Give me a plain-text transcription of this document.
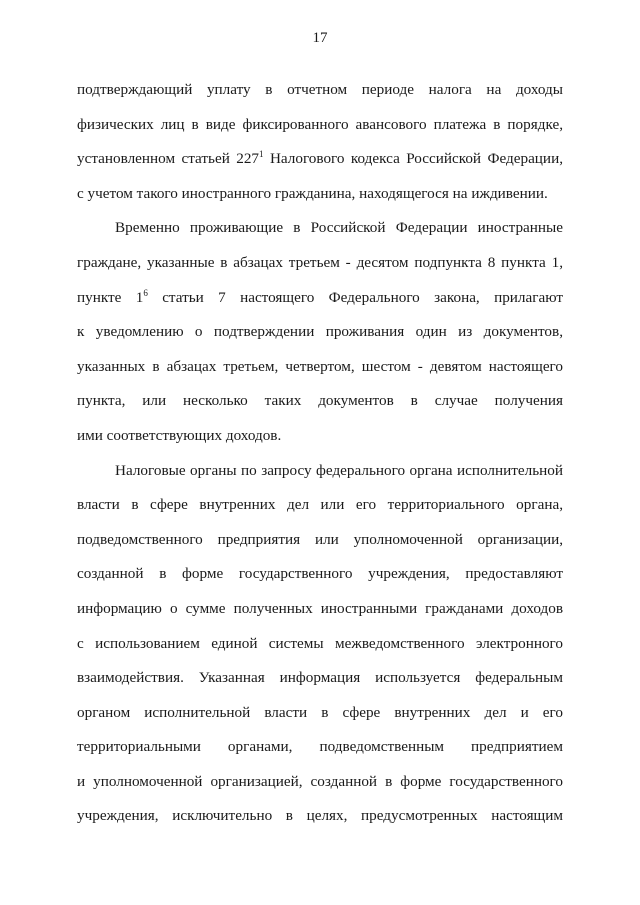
17
подтверждающий уплату в отчетном периоде налога на доходы
физических лиц в виде фиксированного авансового платежа в порядке,
установленном статьей $227^1$ Налогового кодекса Российской Федерации,
с учетом такого иностранного гражданина, находящегося на иждивении.
Временно проживающие в Российской Федерации иностранные
граждане, указанные в абзацах третьем - десятом подпункта 8 пункта 1,
пункте $1^6$ статьи 7 настоящего Федерального закона, прилагают
к уведомлению о подтверждении проживания один из документов,
указанных в абзацах третьем, четвертом, шестом - девятом настоящего
пункта, или несколько таких документов в случае получения
ими соответствующих доходов.
Налоговые органы по запросу федерального органа исполнительной
власти в сфере внутренних дел или его территориального органа,
подведомственного предприятия или уполномоченной организации,
созданной в форме государственного учреждения, предоставляют
информацию о сумме полученных иностранными гражданами доходов
с использованием единой системы межведомственного электронного
взаимодействия. Указанная информация используется федеральным
органом исполнительной власти в сфере внутренних дел и его
территориальными органами, подведомственным предприятием
и уполномоченной организацией, созданной в форме государственного
учреждения, исключительно в целях, предусмотренных настоящим
